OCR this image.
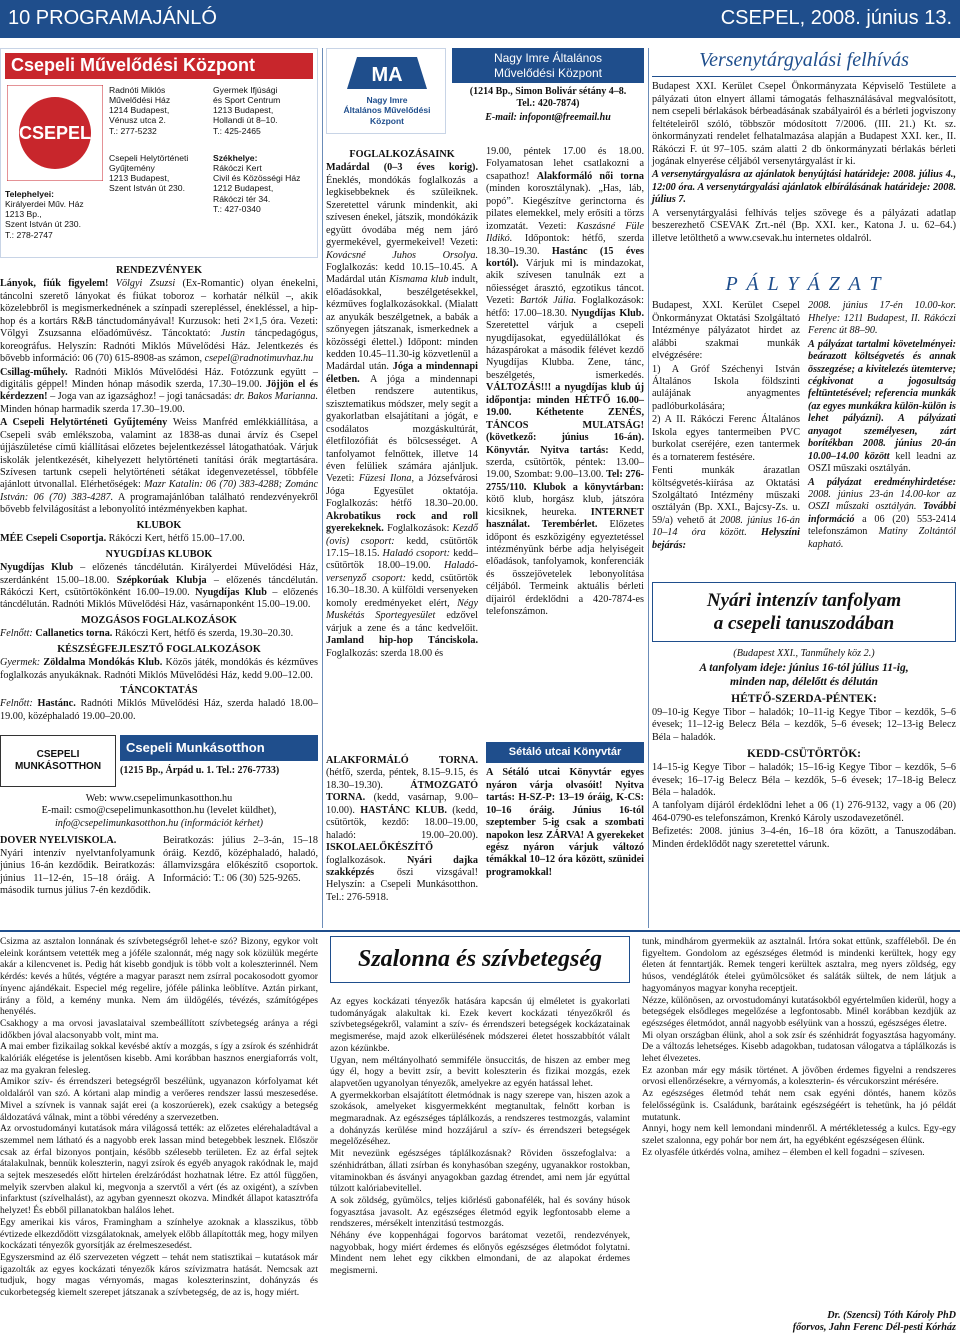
10 PROGRAMAJÁNLÓ	CSEPEL, 2008. június 13.
Csepeli Művelődési Központ
CSEPEL
Telephelyei:
Királyerdei Műv. Ház
1213 Bp.,
Szent István út 230.
T.: 278-2747
Radnóti Miklós
Művelődési Ház
1214 Budapest,
Vénusz utca 2.
T.: 277-5232
Csepeli Helytörténeti
Gyűjtemény
1213 Budapest,
Szent István út 230.
Gyermek Ifjúsági
és Sport Centrum
1213 Budapest,
Hollandi út 8–10.
T.: 425-2465
Székhelye:
Rákóczi Kert
Civil és Közösségi Ház
1212 Budapest,
Rákóczi tér 34.
T.: 427-0340
RENDEZVÉNYEK
Lányok, fiúk figyelem! Völgyi Zsuzsi (Ex-Romantic) olyan énekelni, táncolni szerető lányokat és fiúkat toboroz – korhatár nélkül –, akik közelebbről is megismerkednének a színpadi szerepléssel, énekléssel, a hip-hop és a kortárs R&B tánctudományával! Kurzusok: heti 2×1,5 óra. Vezeti: Völgyi Zsuzsanna előadóművész. Táncoktató: Justin táncpedagógus, koreográfus. Helyszín: Radnóti Miklós Művelődési Ház. Jelentkezés és bővebb információ: 06 (70) 615-8908-as számon, csepel@radnotimuvhaz.hu
Csillag-műhely. Radnóti Miklós Művelődési Ház. Fotózzunk együtt – digitális géppel! Minden hónap második szerda, 17.30–19.00. Jöjjön el és kérdezzen! – Joga van az igazsághoz! – jogi tanácsadás: dr. Bakos Marianna. Minden hónap harmadik szerda 17.30–19.00.
A Csepeli Helytörténeti Gyűjtemény Weiss Manfréd emlékkiállítása, a Csepeli sváb emlékszoba, valamint az 1838-as dunai árvíz és Csepel újjászületése című kiállításai előzetes bejelentkezéssel látogathatóak. Várjuk iskolák jelentkezését, kihelyezett helytörténeti tanítási órák megtartására. Szívesen tartunk csepeli helytörténeti sétákat idegenvezetéssel, többféle ajánlott útvonallal. Elérhetőségek: Mazr Katalin: 06 (70) 383-4288; Zománc István: 06 (70) 383-4287. A programajánlóban található rendezvényekről bővebb felvilágosítást a lebonyolító intézményekben kaphat.
KLUBOK
MÉE Csepeli Csoportja. Rákóczi Kert, hétfő 15.00–17.00.
NYUGDÍJAS KLUBOK
Nyugdíjas Klub – előzenés táncdélután. Királyerdei Művelődési Ház, szerdánként 15.00–18.00. Szépkorúak Klubja – előzenés táncdélután. Rákóczi Kert, csütörtökönként 16.00–19.00. Nyugdíjas Klub – előzenés táncdélután. Radnóti Miklós Művelődési Ház, vasárnaponként 15.00–19.00.
MOZGÁSOS FOGLALKOZÁSOK
Felnőtt: Callanetics torna. Rákóczi Kert, hétfő és szerda, 19.30–20.30.
KÉSZSÉGFEJLESZTŐ FOGLALKOZÁSOK
Gyermek: Zöldalma Mondókás Klub. Közös játék, mondókás és kézműves foglalkozás anyukáknak. Radnóti Miklós Művelődési Ház, kedd 9.00–12.00.
TÁNCOKTATÁS
Felnőtt: Hastánc. Radnóti Miklós Művelődési Ház, szerda haladó 18.00–19.00, középhaladó 19.00–20.00.
CSEPELI MUNKÁSOTTHON
Csepeli Munkásotthon
(1215 Bp., Árpád u. 1. Tel.: 276-7733)
Web: www.csepelimunkasotthon.hu
E-mail: csmo@csepelimunkasotthon.hu (levelet küldhet),
info@csepelimunkasotthon.hu (információt kérhet)
DOVER NYELVISKOLA.
Nyári intenzív nyelvtanfolyamunk június 16-án kezdődik. Beiratkozás: június 11–12-én, 15–18 óráig. A második turnus július 7-én kezdődik.
Beiratkozás: július 2–3-án, 15–18 óráig. Kezdő, középhaladó, haladó, államvizsgára előkészítő csoportok. Információ: T.: 06 (30) 525-9265.
MA
Nagy Imre
Általános Művelődési Központ
Nagy Imre Általános
Művelődési Központ
(1214 Bp., Simon Bolivár sétány 4–8.
Tel.: 420-7874)
E-mail: infopont@freemail.hu
FOGLALKOZÁSAINK
Madárdal (0–3 éves korig). Éneklés, mondókás foglalkozás a legkisebbeknek és szüleiknek. Szeretettel várunk mindenkit, aki szívesen énekel, játszik, mondókázik együtt óvodába még nem járó gyermekével, gyermekeivel! Vezeti: Kovácsné Juhos Orsolya. Foglalkozás: kedd 10.15–10.45. A Madárdal után Kismama klub indult, előadásokkal, beszélgetésekkel, kézműves foglalkozásokkal. (Mialatt az anyukák beszélgetnek, a babák a szőnyegen játszanak, ismerkednek a közösségi élettel.) Időpont: minden kedden 10.45–11.30-ig közvetlenül a Madárdal után. Jóga a mindennapi életben. A jóga a mindennapi életben rendszere autentikus, szisztematikus módszer, mely segít a gyakorlatban elsajátítani a jógát, e csodálatos mozgáskultúrát, életfilozófiát és bölcsességet. A tanfolyamot felnőttek, illetve 14 éven felüliek számára ajánljuk. Vezeti: Füzesi Ilona, a Józsefvárosi Jóga Egyesület oktatója. Foglalkozás: hétfő 18.30–20.00. Akrobatikus rock and roll gyerekeknek. Foglalkozások: Kezdő (ovis) csoport: kedd, csütörtök 17.15–18.15. Haladó csoport: kedd–csütörtök 18.00–19.00. Haladó-versenyző csoport: kedd, csütörtök 16.30–18.30. A külföldi versenyeken komoly eredményeket elért, Négy Muskétás Sportegyesület edzővel várjuk a zene és a tánc kedvelőit. Jamland hip-hop Tánciskola. Foglalkozás: szerda 18.00 és
19.00, péntek 17.00 és 18.00. Folyamatosan lehet csatlakozni a csapathoz! Alakformáló női torna (minden korosztálynak). „Has, láb, popó”. Kiegészítve gerinctorna és pilates elemekkel, mely erősíti a törzs izomzatát. Vezeti: Kaszásné Füle Ildikó. Időpontok: hétfő, szerda 18.30–19.30. Hastánc (15 éves kortól). Várjuk mi is mindazokat, akik szívesen tanulnák ezt a nőiességet árasztó, egzotikus táncot. Vezeti: Bartók Júlia. Foglalkozások: hétfő: 17.00–18.30. Nyugdíjas Klub. Szeretettel várjuk a csepeli nyugdíjasokat, egyedülállókat és házaspárokat a második félévet kezdő Nyugdíjas Klubba. Zene, tánc, beszélgetés, ismerkedés. VÁLTOZÁS!!! a nyugdíjas klub új időpontja: minden HÉTFŐ 16.00–19.00. Kéthetente ZENÉS, TÁNCOS MULATSÁG! (következő: június 16-án). Könyvtár. Nyitva tartás: Kedd, szerda, csütörtök, péntek: 13.00–19.00, Szombat: 9.00–13.00. Tel: 276-2755/110. Klubok a könyvtárban: kötő klub, horgász klub, játszóra kicsiknek, heureka. INTERNET használat. Terembérlet. Előzetes időpont és eszközigény egyeztetéssel intézményünk bérbe adja helyiségeit előadások, tanfolyamok, konferenciák és összejövetelek lebonyolítása céljából. Termeink aktuális bérleti díjairól érdeklődni a 420-7874-es telefonszámon.
ALAKFORMÁLÓ TORNA. (hétfő, szerda, péntek, 8.15–9.15, és 18.30–19.30). ÁTMOZGATÓ TORNA. (kedd, vasárnap, 9.00–10.00). HASTÁNC KLUB. (kedd, csütörtök, kezdő: 18.00–19.00, haladó: 19.00–20.00). ISKOLAELŐKÉSZÍTŐ foglalkozások. Nyári dajka szakképzés őszi vizsgával! Helyszín: a Csepeli Munkásotthon. Tel.: 276-5918.
Sétáló utcai Könyvtár
A Sétáló utcai Könyvtár egyes nyáron várja olvasóit! Nyitva tartás: H-SZ-P: 13–19 óráig, K-CS: 10–16 óráig. Június 16-tól szeptember 5-ig csak a szombati napokon lesz ZÁRVA! A gyerekeket egész nyáron várjuk változó témákkal 10–12 óra között, szünidei programokkal!
Versenytárgyalási felhívás
Budapest XXI. Kerület Csepel Önkormányzata Képviselő Testülete a pályázati úton elnyert állami támogatás felhasználásával megvalósított, nem csepeli bérlakások bérbeadásának szabályairól és a bérleti jogviszony feltételeiről szóló, többször módosított 7/2006. (III. 21.) Kt. sz. önkormányzati rendelet felhatalmazása alapján a Budapest XXI. ker., II. Rákóczi F. út 97–105. szám alatti 2 db önkormányzati bérlakás bérleti jogának elnyerése céljából versenytárgyalást ír ki.
A versenytárgyalásra az ajánlatok benyújtási határideje: 2008. július 4., 12:00 óra. A versenytárgyalási ajánlatok elbírálásának határideje: 2008. július 7.
A versenytárgyalási felhívás teljes szövege és a pályázati adatlap beszerezhető CSEVAK Zrt.-nél (Bp. XXI. ker., Katona J. u. 62–64.) illetve letölthető a www.csevak.hu internetes oldalról.
P Á L Y Á Z A T
Budapest, XXI. Kerület Csepel Önkormányzat Oktatási Szolgáltató Intézménye pályázatot hirdet az alábbi szakmai munkák elvégzésére:
1) A Gróf Széchenyi István Általános Iskola földszinti aulájának anyagmentes padlóburkolására;
2) A II. Rákóczi Ferenc Általános Iskola egyes tantermeiben PVC burkolat cseréjére, ezen tantermek és a tornaterem festésére.
Fenti munkák árazatlan költségvetés-kiírása az Oktatási Szolgáltató Intézmény műszaki osztályán (Bp. XXI., Bajcsy-Zs. u. 59/a) vehető át 2008. június 16-án 10–14 óra között. Helyszíni bejárás:
2008. június 17-én 10.00-kor. Hhelye: 1211 Budapest, II. Rákóczi Ferenc út 88–90.
A pályázat tartalmi követelményei: beárazott költségvetés és annak összegzése; a kivitelezés ütemterve; cégkivonat a jogosultság feltüntetésével; referencia munkák (az egyes munkákra külön-külön is lehet pályázni). A pályázati anyagot személyesen, zárt borítékban 2008. június 20-án 10.00–14.00 között kell leadni az OSZI műszaki osztályán.
A pályázat eredményhirdetése: 2008. június 23-án 14.00-kor az OSZI műszaki osztályán. További információ a 06 (20) 553-2414 telefonszámon Matiny Zoltántól kapható.
Nyári intenzív tanfolyam
a csepeli tanuszodában
(Budapest XXI., Tanműhely köz 2.)
A tanfolyam ideje: június 16-tól július 11-ig,
minden nap, délelőtt és délután
HÉTFŐ-SZERDA-PÉNTEK:
09–10-ig Kegye Tibor – haladók; 10–11-ig Kegye Tibor – kezdők, 5–6 évesek; 11–12-ig Belecz Béla – kezdők, 5–6 évesek; 12–13-ig Belecz Béla – haladók.
KEDD-CSÜTÖRTÖK:
14–15-ig Kegye Tibor – haladók; 15–16-ig Kegye Tibor – kezdők, 5–6 évesek; 16–17-ig Belecz Béla – kezdők, 5–6 évesek; 17–18-ig Belecz Béla – haladók.
A tanfolyam díjáról érdeklődni lehet a 06 (1) 276-9132, vagy a 06 (20) 464-0790-es telefonszámon, Krenkó Károly uszodavezetőnél.
Befizetés: 2008. június 3–4-én, 16–18 óra között, a Tanuszodában. Minden érdeklődőt nagy szeretettel várunk.
Csizma az asztalon lonnának és szívbetegségről lehet-e szó? Bizony, egykor volt eleink korántsem vetették meg a jóféle szalonnát, még nagy sok közülük megérte akár a kilencvenet is. Pedig hát kisebb gondjuk is több volt a koleszterinnél. Nem kérdés: kevés a hűtés, végtére a magyar paraszt nem zsírral pocakosodott gyomor ínyenc ajándékait. Especiel még regelire, jóféle pálinka leöblítve. Aztán pirkant, irány a föld, a kemény munka. Nem ám üldögélés, tévézés, számítógépes henyélés.
Csakhogy a ma orvosi javaslataival szembeállított szívbetegség aránya a régi időkben jóval alacsonyabb volt, mint ma.
A mai ember fizikailag sokkal kevésbé aktív a mozgás, s így a zsírok és szénhidrát kalóriák elégetése is jelentősen kisebb. Ami korábban hasznos energiaforrás volt, az ma gyakran felesleg.
Amikor szív- és érrendszeri betegségről beszélünk, ugyanazon kórfolyamat két oldaláról van szó. A kórtani alap mindig a verőeres rendszer lassú meszesedése. Mivel a szívnek is vannak saját erei (a koszorúerek), ezek csakúgy a betegség áldozatává válnak, mint a többi véredény a szervezetben.
Az orvostudományi kutatások mára világossá tették: az előzetes elérehaladtával a szemmel nem látható és a nagyobb erek lassan mind betegebbek lesznek. Először csak az érfal bizonyos pontjain, később szélesebb területen. Ez az érfal sejtek átalakulnak, bennük koleszterin, nagyi zsírok és egyéb anyagok rakódnak le, majd a sejtek meszesedés előtt hirtelen érelzáródást hozhatnak létre. Ez attól függően, melyik szervben alakul ki, megvonja a szervtől a vért (és az oxigént), a szívben infarktust (szívelhalást), az agyban gyenneszt okozva. Mindkét állapot katasztrófa helyzet! És ebből pillanatokban halálos lehet.
Egy amerikai kis város, Framingham a színhelye azoknak a klasszikus, több évtizede elkezdődött vizsgálatoknak, amelyek előbb állapították meg, hogy milyen kockázati tényezők gyorsítják az érelmeszesedést.
Egyszersmind az élő szervezeten végzett – tehát nem statisztikai – kutatások már igazolták az egyes kockázati tényezők káros szívizmatra hatását. Nemcsak azt tudjuk, hogy magas vérnyomás, magas koleszterinszint, dohányzás és cukorbetegség kiemelt szerepet játszanak a szívbetegség, de az is, hogy miért.
Szalonna és szívbetegség
Az egyes kockázati tényezők hatására kapcsán új elméletet is gyakorlati tudományágak alakultak ki. Ezek kevert kockázati tényezőkről és szívbetegségekről, valamint a szív- és érrendszeri betegségek kockázatainak megismerése, majd azok elkerülésének módszerei életet hosszabbítót válalt azon kézünkbe.
Ugyan, nem méltányolható semmiféle önsuccitás, de hiszen az ember meg úgy él, hogy a bevitt zsír, a bevitt koleszterin és fizikai mozgás, ezek alapvetően ugyanolyan tényezők, amelyekre az egyén hatással lehet.
A gyermekkorban elsajátított életmódnak is nagy szerepe van, hiszen azok a szokások, amelyeket kisgyermekként megtanultak, felnőtt korban is megmaradnak. Az egészséges táplálkozás, a rendszeres testmozgás, valamint a dohányzás kerülése mind hozzájárul a szív- és érrendszeri betegségek megelőzéséhez.
Mit nevezünk egészséges táplálkozásnak? Röviden összefoglalva: a szénhidrátban, állati zsírban és konyhasóban szegény, ugyanakkor rostokban, vitaminokban és ásványi anyagokban gazdag étrendet, ami nem jár egyúttal túlzott kalóriabevitellel.
A sok zöldség, gyümölcs, teljes kiőrlésű gabonafélék, hal és sovány húsok fogyasztása javasolt. Az egészséges életmód egyik legfontosabb eleme a rendszeres, mérsékelt intenzitású testmozgás.
Néhány éve koppenhágai fogorvos barátomat vezetői, rendezvények, nagyobbak, hogy miért érdemes és előnyös egészséges életmódot folytatni. Mindent nem lehet egy cikkben elmondani, de az alapokat érdemes megismerni.
tunk, mindhárom gyermekük az asztalnál. Írtóra sokat ettünk, szafféleből. De én figyeltem. Gondolom az egészséges életmód is mindenki kerültek, hogy egy életen át fenntartják. Remek tengeri kerültek asztalra, meg nyers zöldség, egy húsos, vendéglátók ételei gyümölcsöket és saláták sültek, de nem látjuk a hagyományos magyar konyha receptjeit.
Nézze, különösen, az orvostudományi kutatásokból egyértelműen kiderül, hogy a betegségek elsődleges megelőzése a legfontosabb. Minél korábban kezdjük az egészséges életmódot, annál nagyobb esélyünk van a hosszú, egészséges életre.
Mi olyan országban élünk, ahol a sok zsír és szénhidrát fogyasztása hagyomány. De a változás lehetséges. Kisebb adagokban, tudatosan válogatva a táplálkozás is lehet élvezetes.
Ez azonban már egy másik történet. A jövőben érdemes figyelni a rendszeres orvosi ellenőrzésekre, a vérnyomás, a koleszterin- és vércukorszint mérésére.
Az egészséges életmód tehát nem csak egyéni döntés, hanem közös felelősségünk is. Családunk, barátaink egészségéért is tehetünk, ha jó példát mutatunk.
Annyi, hogy nem kell lemondani mindenről. A mértékletesség a kulcs. Egy-egy szelet szalonna, egy pohár bor nem árt, ha egyébként egészségesen élünk.
Ez olyasféle útkérdés volna, amihez – élemben el kell fogadni – szívesen.
Dr. (Szencsi) Tóth Károly PhD
főorvos, Jahn Ferenc Dél-pesti Kórház
